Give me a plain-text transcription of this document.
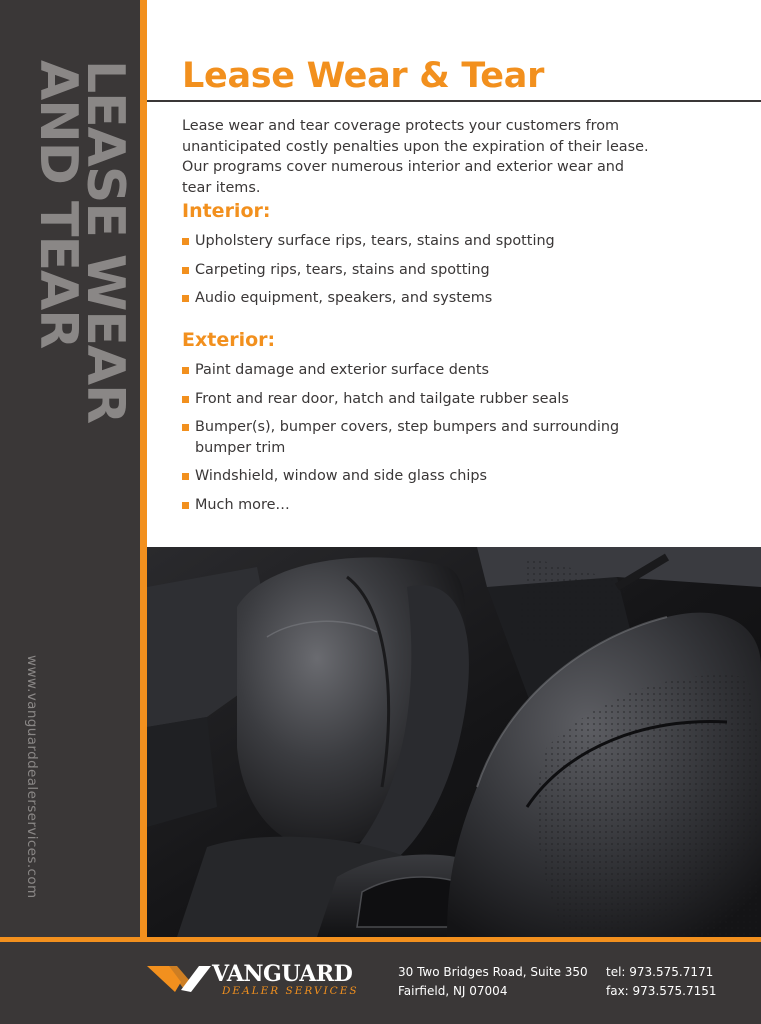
LEASE WEAR
AND TEAR
www.vanguarddealerservices.com
Lease Wear & Tear

Lease wear and tear coverage protects your customers from unanticipated costly penalties upon the expiration of their lease. Our programs cover numerous interior and exterior wear and tear items.

Interior:
Upholstery surface rips, tears, stains and spotting
Carpeting rips, tears, stains and spotting
Audio equipment, speakers, and systems
Exterior:
Paint damage and exterior surface dents
Front and rear door, hatch and tailgate rubber seals
Bumper(s), bumper covers, step bumpers and surrounding bumper trim
Windshield, window and side glass chips
Much more…
VANGUARD
DEALER SERVICES
30 Two Bridges Road, Suite 350
Fairfield, NJ 07004
tel: 973.575.7171
fax: 973.575.7151
